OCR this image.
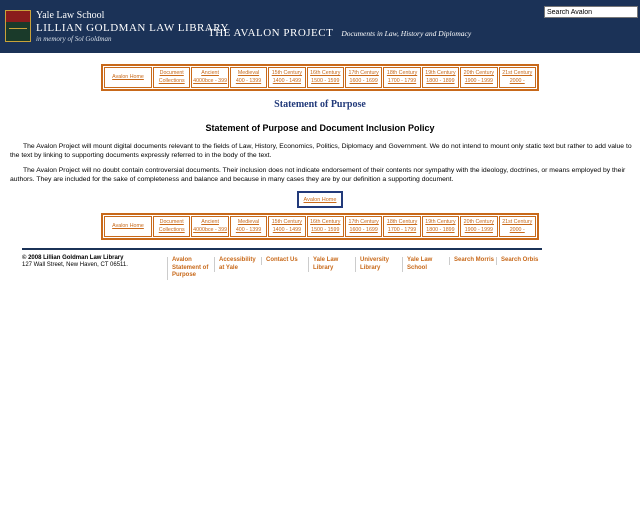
Yale Law School
LILLIAN GOLDMAN LAW LIBRARY
in memory of Sol Goldman	THE AVALON PROJECT Documents in Law, History and Diplomacy
Search Avalon
Avalon Home
Document
Collections
Ancient
4000bce - 399
Medieval
400 - 1399
15th Century
1400 - 1499
16th Century
1500 - 1599
17th Century
1600 - 1699
18th Century
1700 - 1799
19th Century
1800 - 1899
20th Century
1900 - 1999
21st Century
2000 -
Statement of Purpose
Statement of Purpose and Document Inclusion Policy

The Avalon Project will mount digital documents relevant to the fields of Law, History, Economics, Politics, Diplomacy and Government. We do not intend to mount only static text but rather to add value to the text by linking to supporting documents expressly referred to in the body of the text.

The Avalon Project will no doubt contain controversial documents. Their inclusion does not indicate endorsement of their contents nor sympathy with the ideology, doctrines, or means employed by their authors. They are included for the sake of completeness and balance and because in many cases they are by our definition a supporting document.

Avalon Home
Avalon Home
Document
Collections
Ancient
4000bce - 399
Medieval
400 - 1399
15th Century
1400 - 1499
16th Century
1500 - 1599
17th Century
1600 - 1699
18th Century
1700 - 1799
19th Century
1800 - 1899
20th Century
1900 - 1999
21st Century
2000 -
© 2008 Lillian Goldman Law Library
127 Wall Street, New Haven, CT 06511.
Avalon
Statement of
Purpose
Accessibility
at Yale
Contact Us	Yale Law
Library
University
Library
Yale Law
School
Search Morris Search Orbis
